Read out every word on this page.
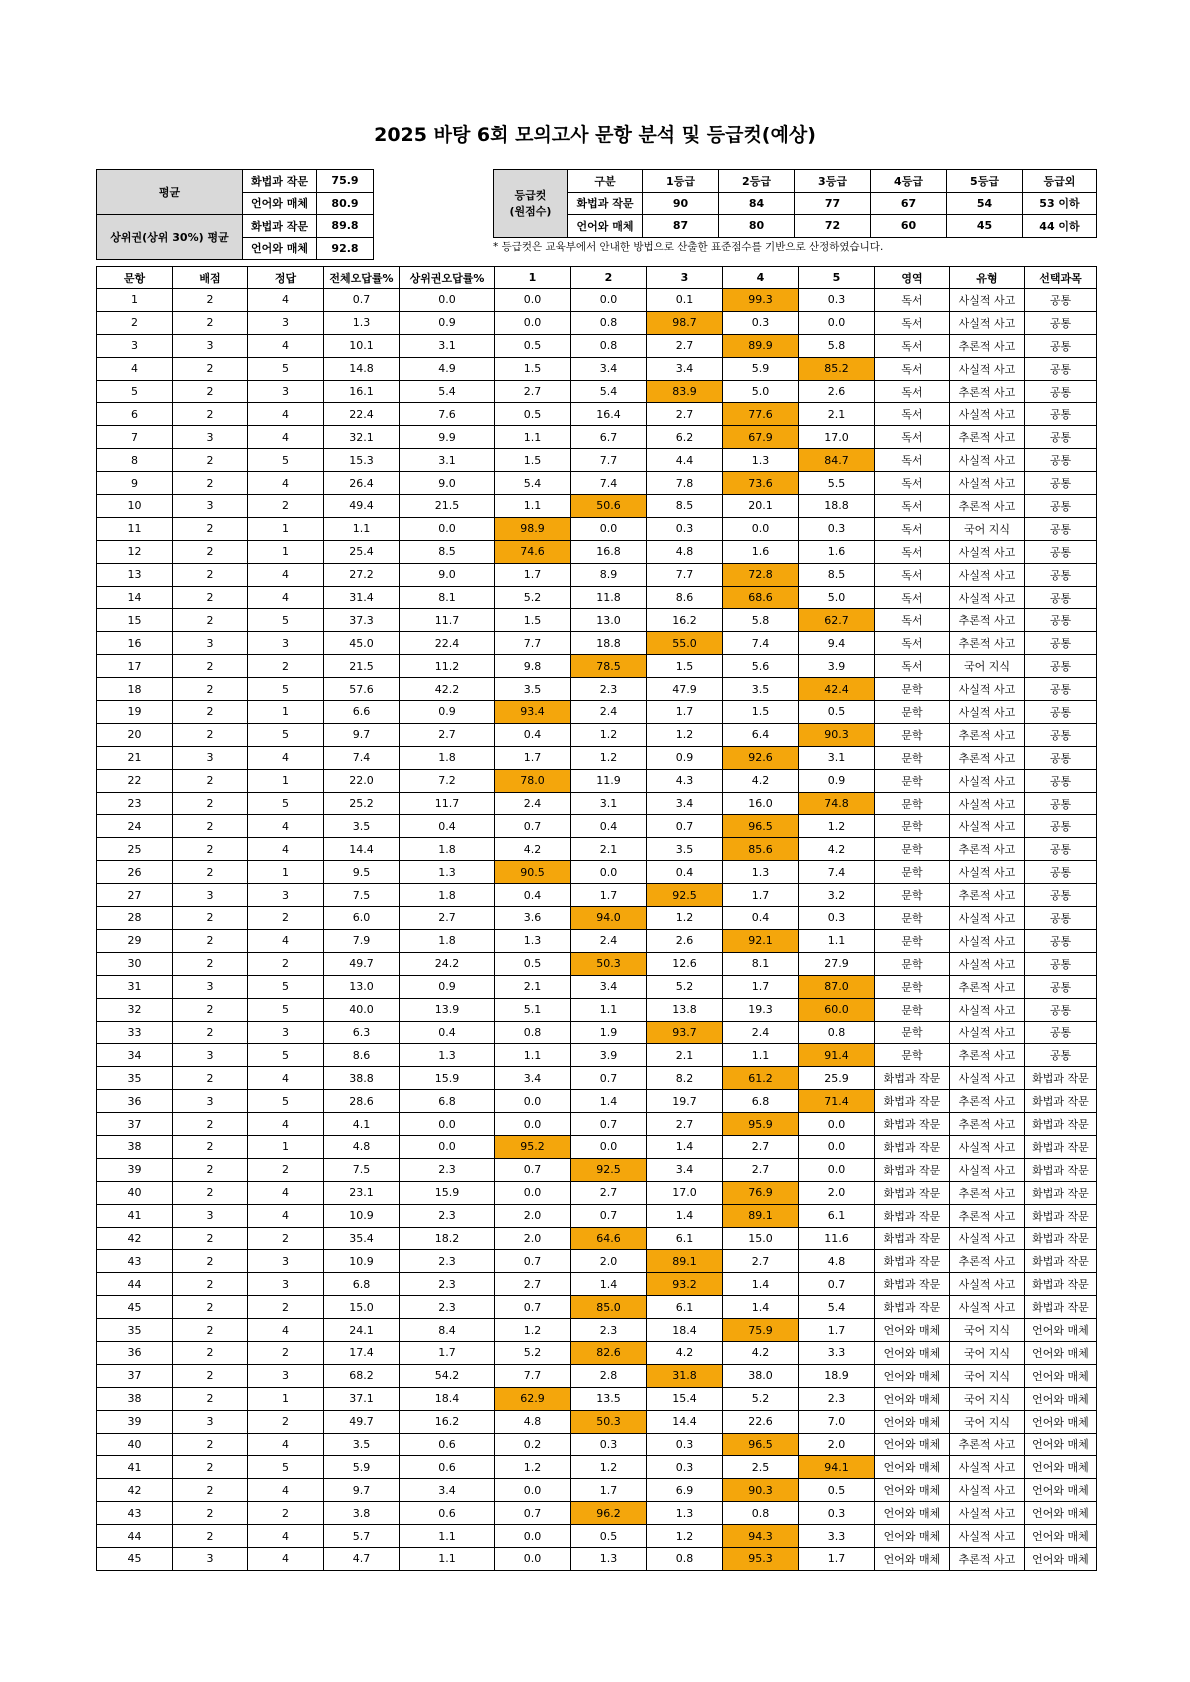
2025 바탕 6회 모의고사 문항 분석 및 등급컷(예상)
평균	화법과 작문	75.9
	언어와 매체	80.9
상위권(상위 30%) 평균	화법과 작문	89.8
	언어와 매체	92.8
등급컷
(원점수)	구분	1등급	2등급	3등급	4등급	5등급	등급외
	화법과 작문	90	84	77	67	54	53 이하
	언어와 매체	87	80	72	60	45	44 이하
* 등급컷은 교육부에서 안내한 방법으로 산출한 표준점수를 기반으로 산정하였습니다.
문항	배점	정답	전체오답률%	상위권오답률%	1	2	3	4	5	영역	유형	선택과목
1	2	4	0.7	0.0	0.0	0.0	0.1	99.3	0.3	독서	사실적 사고	공통
2	2	3	1.3	0.9	0.0	0.8	98.7	0.3	0.0	독서	사실적 사고	공통
3	3	4	10.1	3.1	0.5	0.8	2.7	89.9	5.8	독서	추론적 사고	공통
4	2	5	14.8	4.9	1.5	3.4	3.4	5.9	85.2	독서	사실적 사고	공통
5	2	3	16.1	5.4	2.7	5.4	83.9	5.0	2.6	독서	추론적 사고	공통
6	2	4	22.4	7.6	0.5	16.4	2.7	77.6	2.1	독서	사실적 사고	공통
7	3	4	32.1	9.9	1.1	6.7	6.2	67.9	17.0	독서	추론적 사고	공통
8	2	5	15.3	3.1	1.5	7.7	4.4	1.3	84.7	독서	사실적 사고	공통
9	2	4	26.4	9.0	5.4	7.4	7.8	73.6	5.5	독서	사실적 사고	공통
10	3	2	49.4	21.5	1.1	50.6	8.5	20.1	18.8	독서	추론적 사고	공통
11	2	1	1.1	0.0	98.9	0.0	0.3	0.0	0.3	독서	국어 지식	공통
12	2	1	25.4	8.5	74.6	16.8	4.8	1.6	1.6	독서	사실적 사고	공통
13	2	4	27.2	9.0	1.7	8.9	7.7	72.8	8.5	독서	사실적 사고	공통
14	2	4	31.4	8.1	5.2	11.8	8.6	68.6	5.0	독서	사실적 사고	공통
15	2	5	37.3	11.7	1.5	13.0	16.2	5.8	62.7	독서	추론적 사고	공통
16	3	3	45.0	22.4	7.7	18.8	55.0	7.4	9.4	독서	추론적 사고	공통
17	2	2	21.5	11.2	9.8	78.5	1.5	5.6	3.9	독서	국어 지식	공통
18	2	5	57.6	42.2	3.5	2.3	47.9	3.5	42.4	문학	사실적 사고	공통
19	2	1	6.6	0.9	93.4	2.4	1.7	1.5	0.5	문학	사실적 사고	공통
20	2	5	9.7	2.7	0.4	1.2	1.2	6.4	90.3	문학	추론적 사고	공통
21	3	4	7.4	1.8	1.7	1.2	0.9	92.6	3.1	문학	추론적 사고	공통
22	2	1	22.0	7.2	78.0	11.9	4.3	4.2	0.9	문학	사실적 사고	공통
23	2	5	25.2	11.7	2.4	3.1	3.4	16.0	74.8	문학	사실적 사고	공통
24	2	4	3.5	0.4	0.7	0.4	0.7	96.5	1.2	문학	사실적 사고	공통
25	2	4	14.4	1.8	4.2	2.1	3.5	85.6	4.2	문학	추론적 사고	공통
26	2	1	9.5	1.3	90.5	0.0	0.4	1.3	7.4	문학	사실적 사고	공통
27	3	3	7.5	1.8	0.4	1.7	92.5	1.7	3.2	문학	추론적 사고	공통
28	2	2	6.0	2.7	3.6	94.0	1.2	0.4	0.3	문학	사실적 사고	공통
29	2	4	7.9	1.8	1.3	2.4	2.6	92.1	1.1	문학	사실적 사고	공통
30	2	2	49.7	24.2	0.5	50.3	12.6	8.1	27.9	문학	사실적 사고	공통
31	3	5	13.0	0.9	2.1	3.4	5.2	1.7	87.0	문학	추론적 사고	공통
32	2	5	40.0	13.9	5.1	1.1	13.8	19.3	60.0	문학	사실적 사고	공통
33	2	3	6.3	0.4	0.8	1.9	93.7	2.4	0.8	문학	사실적 사고	공통
34	3	5	8.6	1.3	1.1	3.9	2.1	1.1	91.4	문학	추론적 사고	공통
35	2	4	38.8	15.9	3.4	0.7	8.2	61.2	25.9	화법과 작문	사실적 사고	화법과 작문
36	3	5	28.6	6.8	0.0	1.4	19.7	6.8	71.4	화법과 작문	추론적 사고	화법과 작문
37	2	4	4.1	0.0	0.0	0.7	2.7	95.9	0.0	화법과 작문	추론적 사고	화법과 작문
38	2	1	4.8	0.0	95.2	0.0	1.4	2.7	0.0	화법과 작문	사실적 사고	화법과 작문
39	2	2	7.5	2.3	0.7	92.5	3.4	2.7	0.0	화법과 작문	사실적 사고	화법과 작문
40	2	4	23.1	15.9	0.0	2.7	17.0	76.9	2.0	화법과 작문	추론적 사고	화법과 작문
41	3	4	10.9	2.3	2.0	0.7	1.4	89.1	6.1	화법과 작문	추론적 사고	화법과 작문
42	2	2	35.4	18.2	2.0	64.6	6.1	15.0	11.6	화법과 작문	사실적 사고	화법과 작문
43	2	3	10.9	2.3	0.7	2.0	89.1	2.7	4.8	화법과 작문	추론적 사고	화법과 작문
44	2	3	6.8	2.3	2.7	1.4	93.2	1.4	0.7	화법과 작문	사실적 사고	화법과 작문
45	2	2	15.0	2.3	0.7	85.0	6.1	1.4	5.4	화법과 작문	사실적 사고	화법과 작문
35	2	4	24.1	8.4	1.2	2.3	18.4	75.9	1.7	언어와 매체	국어 지식	언어와 매체
36	2	2	17.4	1.7	5.2	82.6	4.2	4.2	3.3	언어와 매체	국어 지식	언어와 매체
37	2	3	68.2	54.2	7.7	2.8	31.8	38.0	18.9	언어와 매체	국어 지식	언어와 매체
38	2	1	37.1	18.4	62.9	13.5	15.4	5.2	2.3	언어와 매체	국어 지식	언어와 매체
39	3	2	49.7	16.2	4.8	50.3	14.4	22.6	7.0	언어와 매체	국어 지식	언어와 매체
40	2	4	3.5	0.6	0.2	0.3	0.3	96.5	2.0	언어와 매체	추론적 사고	언어와 매체
41	2	5	5.9	0.6	1.2	1.2	0.3	2.5	94.1	언어와 매체	사실적 사고	언어와 매체
42	2	4	9.7	3.4	0.0	1.7	6.9	90.3	0.5	언어와 매체	사실적 사고	언어와 매체
43	2	2	3.8	0.6	0.7	96.2	1.3	0.8	0.3	언어와 매체	사실적 사고	언어와 매체
44	2	4	5.7	1.1	0.0	0.5	1.2	94.3	3.3	언어와 매체	사실적 사고	언어와 매체
45	3	4	4.7	1.1	0.0	1.3	0.8	95.3	1.7	언어와 매체	추론적 사고	언어와 매체
